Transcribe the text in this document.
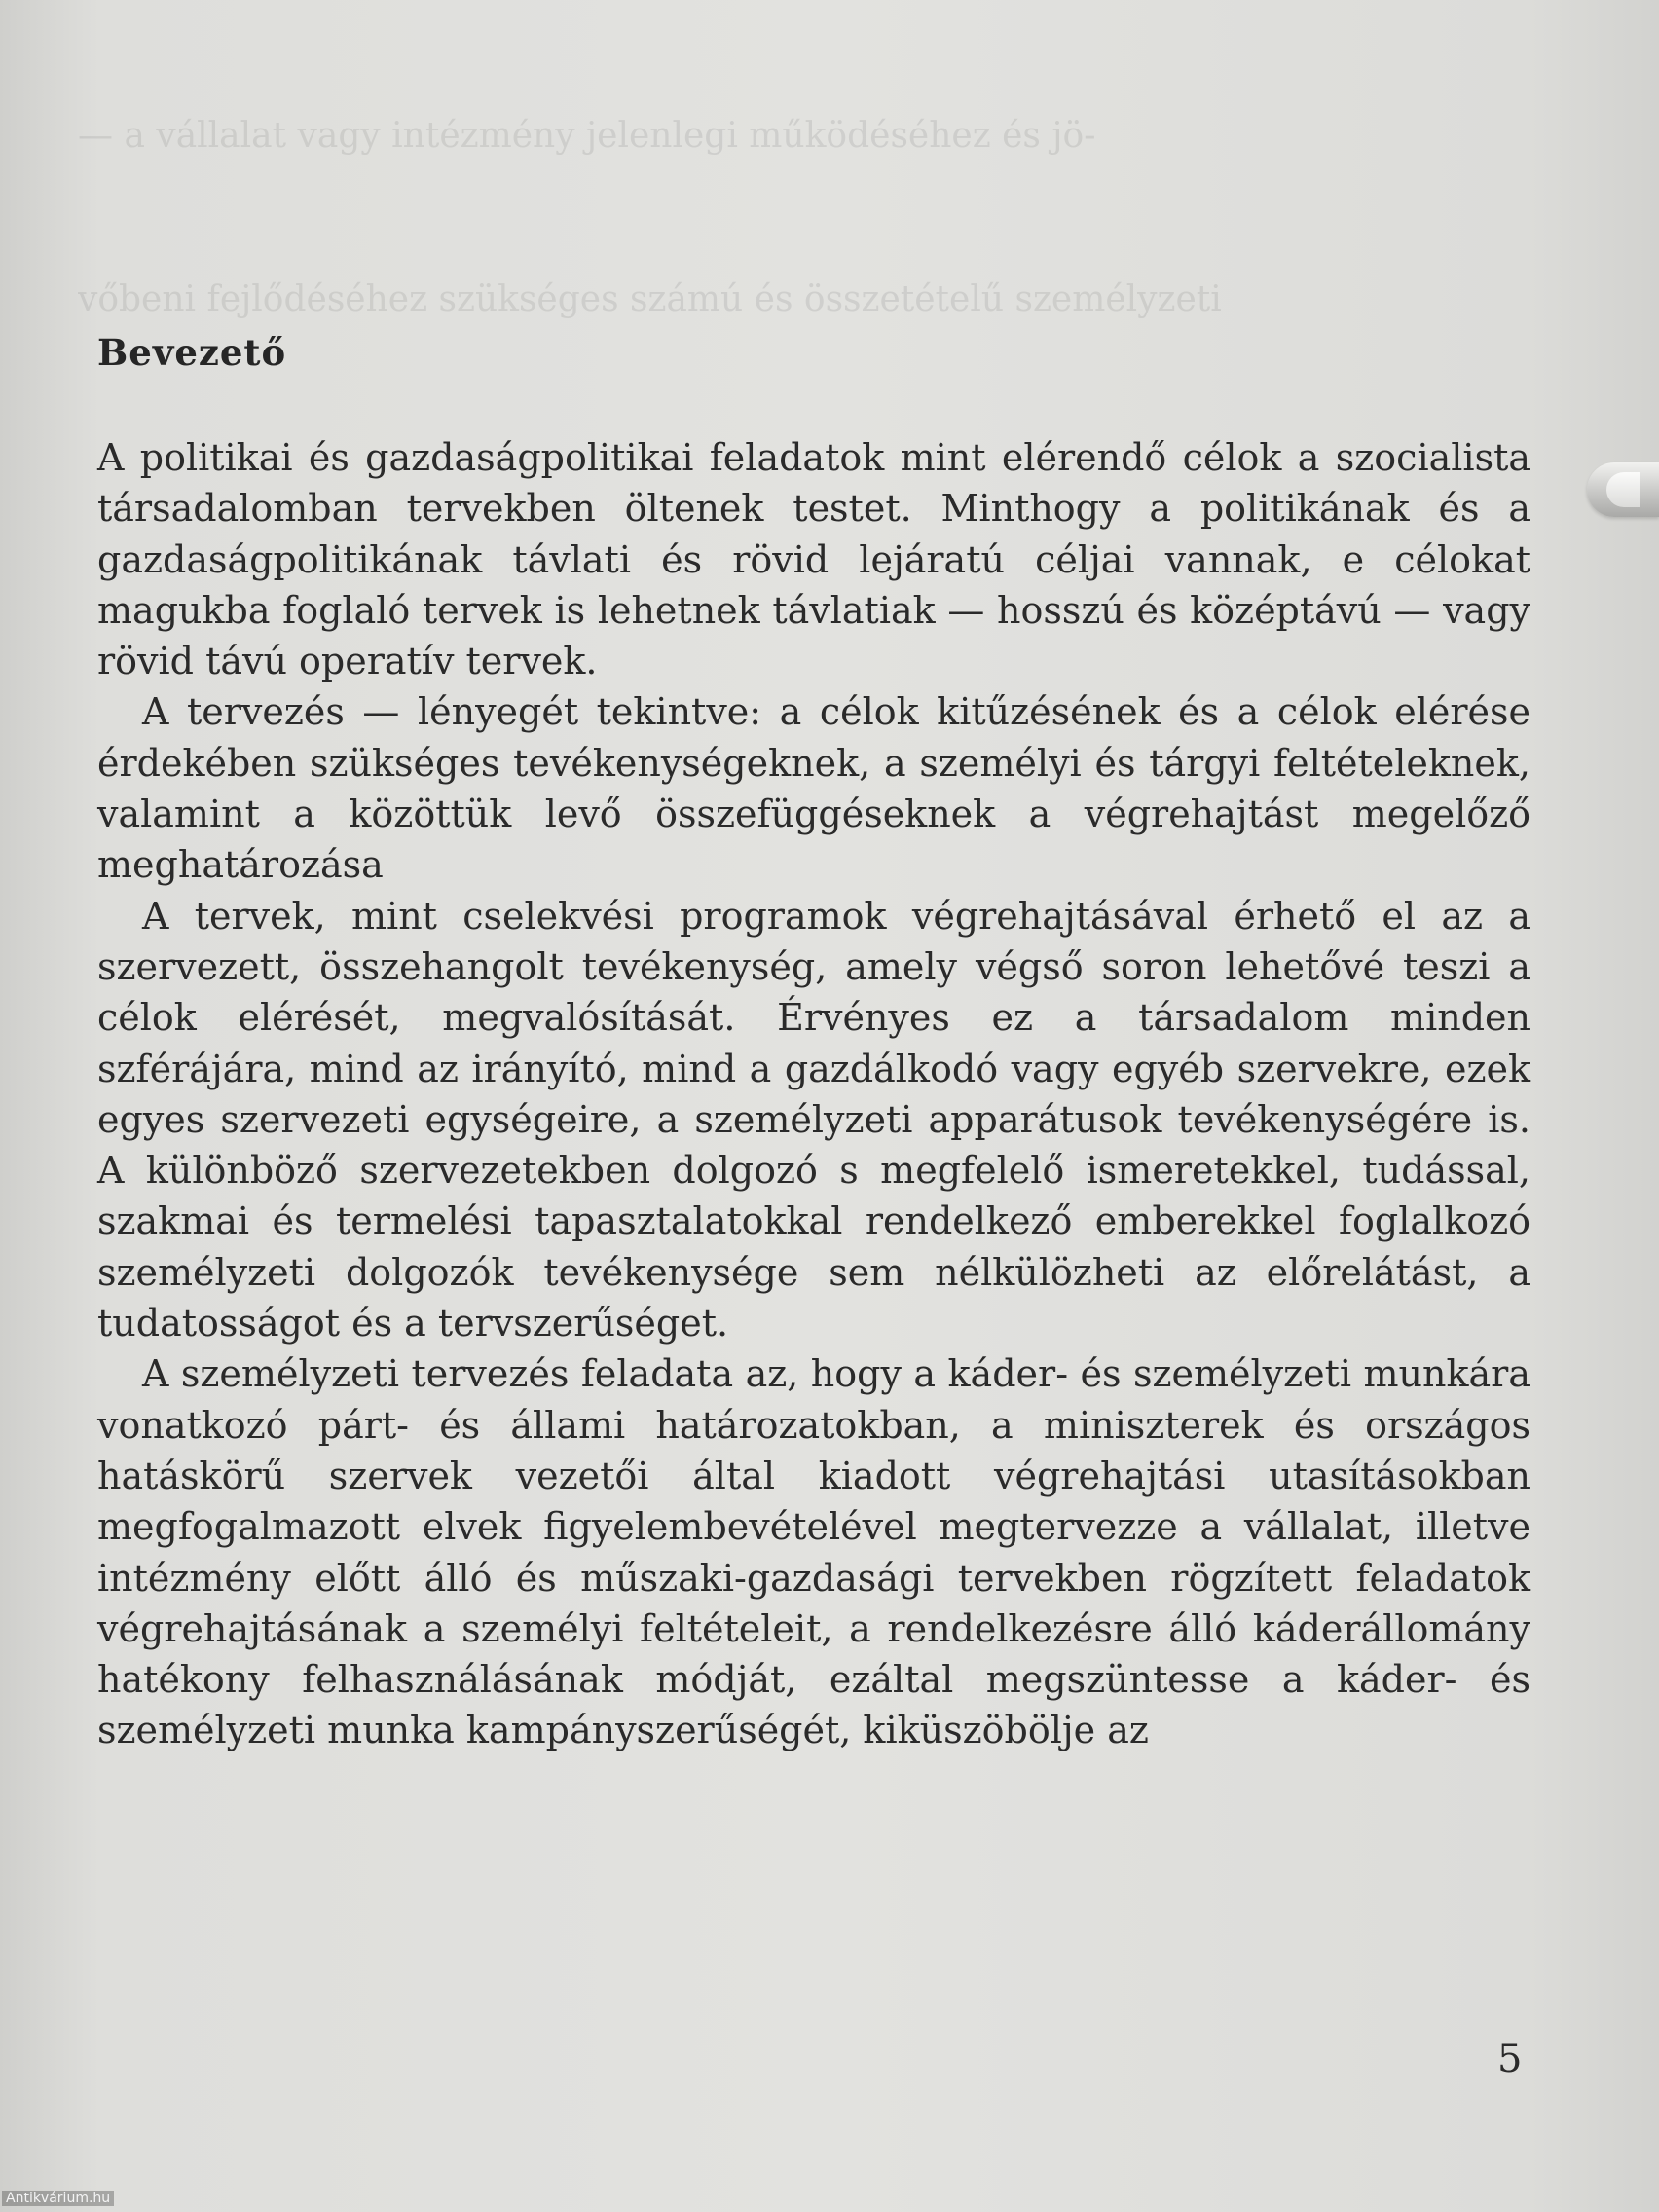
— a vállalat vagy intézmény jelenlegi működéséhez és jö-

vőbeni fejlődéséhez szükséges számú és összetételű személyzeti

Bevezető

A politikai és gazdaságpolitikai feladatok mint elérendő célok a szocialista társadalomban tervekben öltenek testet. Minthogy a politikának és a gazdaságpolitikának távlati és rövid lejáratú céljai vannak, e célokat magukba foglaló tervek is lehetnek távlatiak — hosszú és középtávú — vagy rövid távú operatív tervek.

A tervezés — lényegét tekintve: a célok kitűzésének és a célok elérése érdekében szükséges tevékenységeknek, a személyi és tárgyi feltételeknek, valamint a közöttük levő összefüggéseknek a végrehajtást megelőző meghatározása

A tervek, mint cselekvési programok végrehajtásával érhető el az a szervezett, összehangolt tevékenység, amely végső soron lehetővé teszi a célok elérését, megvalósítását. Érvényes ez a társadalom minden szférájára, mind az irányító, mind a gazdálkodó vagy egyéb szervekre, ezek egyes szervezeti egységeire, a személyzeti apparátusok tevékenységére is. A különböző szervezetekben dolgozó s megfelelő ismeretekkel, tudással, szakmai és termelési tapasztalatokkal rendelkező emberekkel foglalkozó személyzeti dolgozók tevékenysége sem nélkülözheti az előrelátást, a tudatosságot és a tervszerűséget.

A személyzeti tervezés feladata az, hogy a káder- és személyzeti munkára vonatkozó párt- és állami határozatokban, a miniszterek és országos hatáskörű szervek vezetői által kiadott végrehajtási utasításokban megfogalmazott elvek figyelembevételével megtervezze a vállalat, illetve intézmény előtt álló és műszaki-gazdasági tervekben rögzített feladatok végrehajtásának a személyi feltételeit, a rendelkezésre álló káderállomány hatékony felhasználásának módját, ezáltal megszüntesse a káder- és személyzeti munka kampányszerűségét, kiküszöbölje az

5
Antikvárium.hu
